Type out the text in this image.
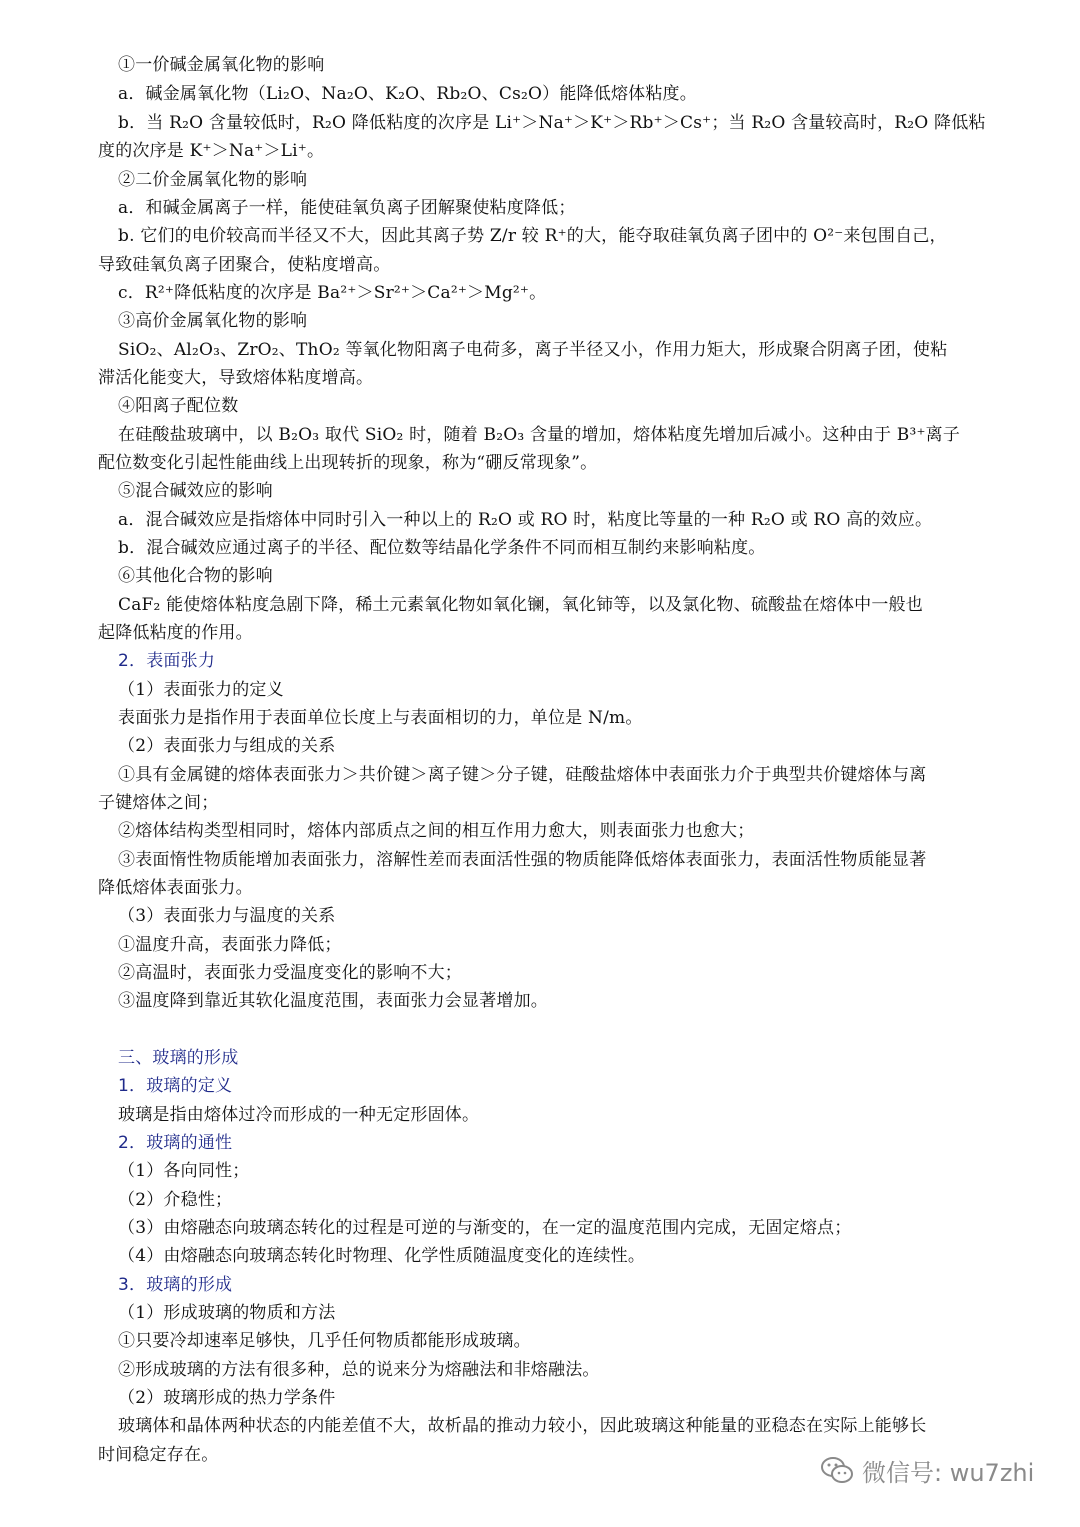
①一价碱金属氧化物的影响
a．碱金属氧化物（Li₂O、Na₂O、K₂O、Rb₂O、Cs₂O）能降低熔体粘度。
b．当 R₂O 含量较低时，R₂O 降低粘度的次序是 Li⁺＞Na⁺＞K⁺＞Rb⁺＞Cs⁺；当 R₂O 含量较高时，R₂O 降低粘
度的次序是 K⁺＞Na⁺＞Li⁺。
②二价金属氧化物的影响
a．和碱金属离子一样，能使硅氧负离子团解聚使粘度降低；
b. 它们的电价较高而半径又不大，因此其离子势 Z/r 较 R⁺的大，能夺取硅氧负离子团中的 O²⁻来包围自己，
导致硅氧负离子团聚合，使粘度增高。
c．R²⁺降低粘度的次序是 Ba²⁺＞Sr²⁺＞Ca²⁺＞Mg²⁺。
③高价金属氧化物的影响
SiO₂、Al₂O₃、ZrO₂、ThO₂ 等氧化物阳离子电荷多，离子半径又小，作用力矩大，形成聚合阴离子团，使粘
滞活化能变大，导致熔体粘度增高。
④阳离子配位数
在硅酸盐玻璃中，以 B₂O₃ 取代 SiO₂ 时，随着 B₂O₃ 含量的增加，熔体粘度先增加后减小。这种由于 B³⁺离子
配位数变化引起性能曲线上出现转折的现象，称为“硼反常现象”。
⑤混合碱效应的影响
a．混合碱效应是指熔体中同时引入一种以上的 R₂O 或 RO 时，粘度比等量的一种 R₂O 或 RO 高的效应。
b．混合碱效应通过离子的半径、配位数等结晶化学条件不同而相互制约来影响粘度。
⑥其他化合物的影响
CaF₂ 能使熔体粘度急剧下降，稀土元素氧化物如氧化镧，氧化铈等，以及氯化物、硫酸盐在熔体中一般也
起降低粘度的作用。
2．表面张力
（1）表面张力的定义
表面张力是指作用于表面单位长度上与表面相切的力，单位是 N/m。
（2）表面张力与组成的关系
①具有金属键的熔体表面张力＞共价键＞离子键＞分子键，硅酸盐熔体中表面张力介于典型共价键熔体与离
子键熔体之间；
②熔体结构类型相同时，熔体内部质点之间的相互作用力愈大，则表面张力也愈大；
③表面惰性物质能增加表面张力，溶解性差而表面活性强的物质能降低熔体表面张力，表面活性物质能显著
降低熔体表面张力。
（3）表面张力与温度的关系
①温度升高，表面张力降低；
②高温时，表面张力受温度变化的影响不大；
③温度降到靠近其软化温度范围，表面张力会显著增加。
三、玻璃的形成
1．玻璃的定义
玻璃是指由熔体过冷而形成的一种无定形固体。
2．玻璃的通性
（1）各向同性；
（2）介稳性；
（3）由熔融态向玻璃态转化的过程是可逆的与渐变的，在一定的温度范围内完成，无固定熔点；
（4）由熔融态向玻璃态转化时物理、化学性质随温度变化的连续性。
3．玻璃的形成
（1）形成玻璃的物质和方法
①只要冷却速率足够快，几乎任何物质都能形成玻璃。
②形成玻璃的方法有很多种，总的说来分为熔融法和非熔融法。
（2）玻璃形成的热力学条件
玻璃体和晶体两种状态的内能差值不大，故析晶的推动力较小，因此玻璃这种能量的亚稳态在实际上能够长
时间稳定存在。
微信号: wu7zhi
